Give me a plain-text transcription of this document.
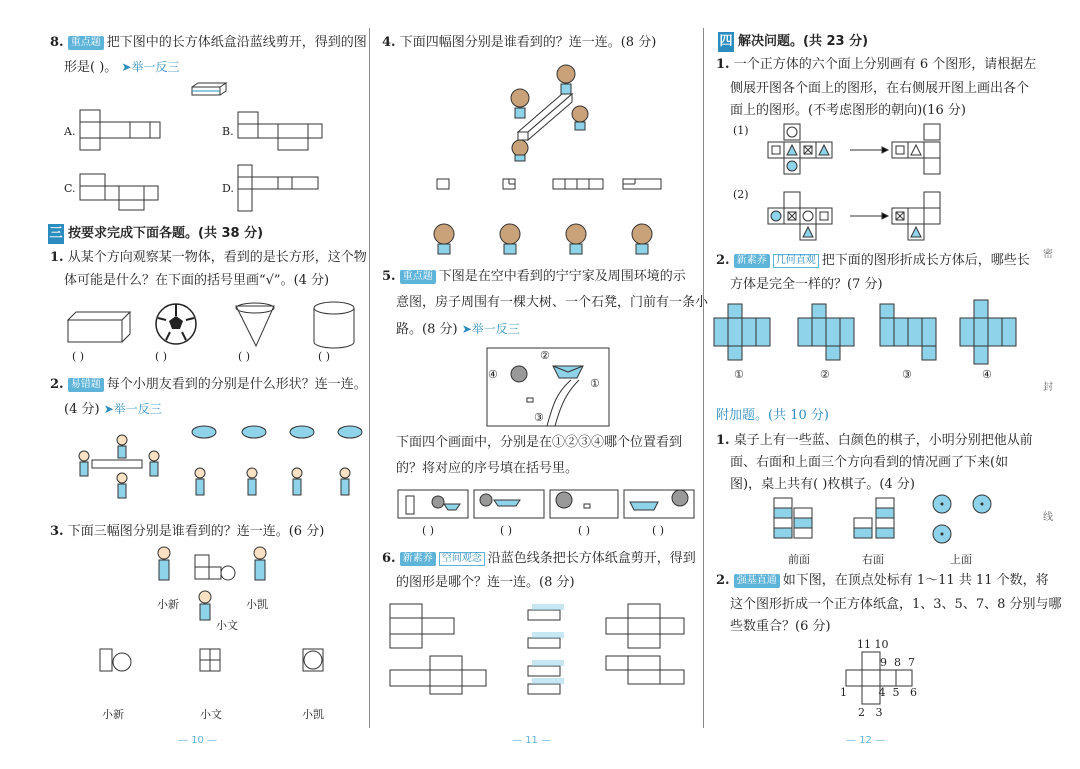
8. 重点题 把下图中的长方体纸盒沿蓝线剪开，得到的图
形是( )。 ➤举一反三
A.	B.
C.	D.
三 按要求完成下面各题。(共 38 分)
1. 从某个方向观察某一物体，看到的是长方形，这个物
体可能是什么？在下面的括号里画“√”。(4 分)
( )	( )	( )	( )
2. 易错题 每个小朋友看到的分别是什么形状？连一连。
(4 分) ➤举一反三
3. 下面三幅图分别是谁看到的？连一连。(6 分)
小新	小凯
小文
小新	小文	小凯
— 10 —
4. 下面四幅图分别是谁看到的？连一连。(8 分)
5. 重点题 下图是在空中看到的宁宁家及周围环境的示
意图，房子周围有一棵大树、一个石凳，门前有一条小
路。(8 分) ➤举一反三
②
④
①
③
下面四个画面中，分别是在①②③④哪个位置看到
的？将对应的序号填在括号里。
( )	( )	( )	( )
6. 新素养 空间观念 沿蓝色线条把长方体纸盒剪开，得到
的图形是哪个？连一连。(8 分)
— 11 —
四 解决问题。(共 23 分)
1. 一个正方体的六个面上分别画有 6 个图形，请根据左
侧展开图各个面上的图形，在右侧展开图上画出各个
面上的图形。(不考虑图形的朝向)(16 分)
(1)
(2)
2. 新素养 几何直观 把下面的图形折成长方体后，哪些长
方体是完全一样的？(7 分)
①	②	③	④
附加题。(共 10 分)
1. 桌子上有一些蓝、白颜色的棋子，小明分别把他从前
面、右面和上面三个方向看到的情况画了下来(如
图)，桌上共有( )枚棋子。(4 分)
前面	右面	上面
2. 强基直通 如下图，在顶点处标有 1～11 共 11 个数，将
这个图形折成一个正方体纸盒，1、3、5、7、8 分别与哪
些数重合？(6 分)
11 10
9 8 7
1	4 5 6
2 3
— 12 —
密
封
线
